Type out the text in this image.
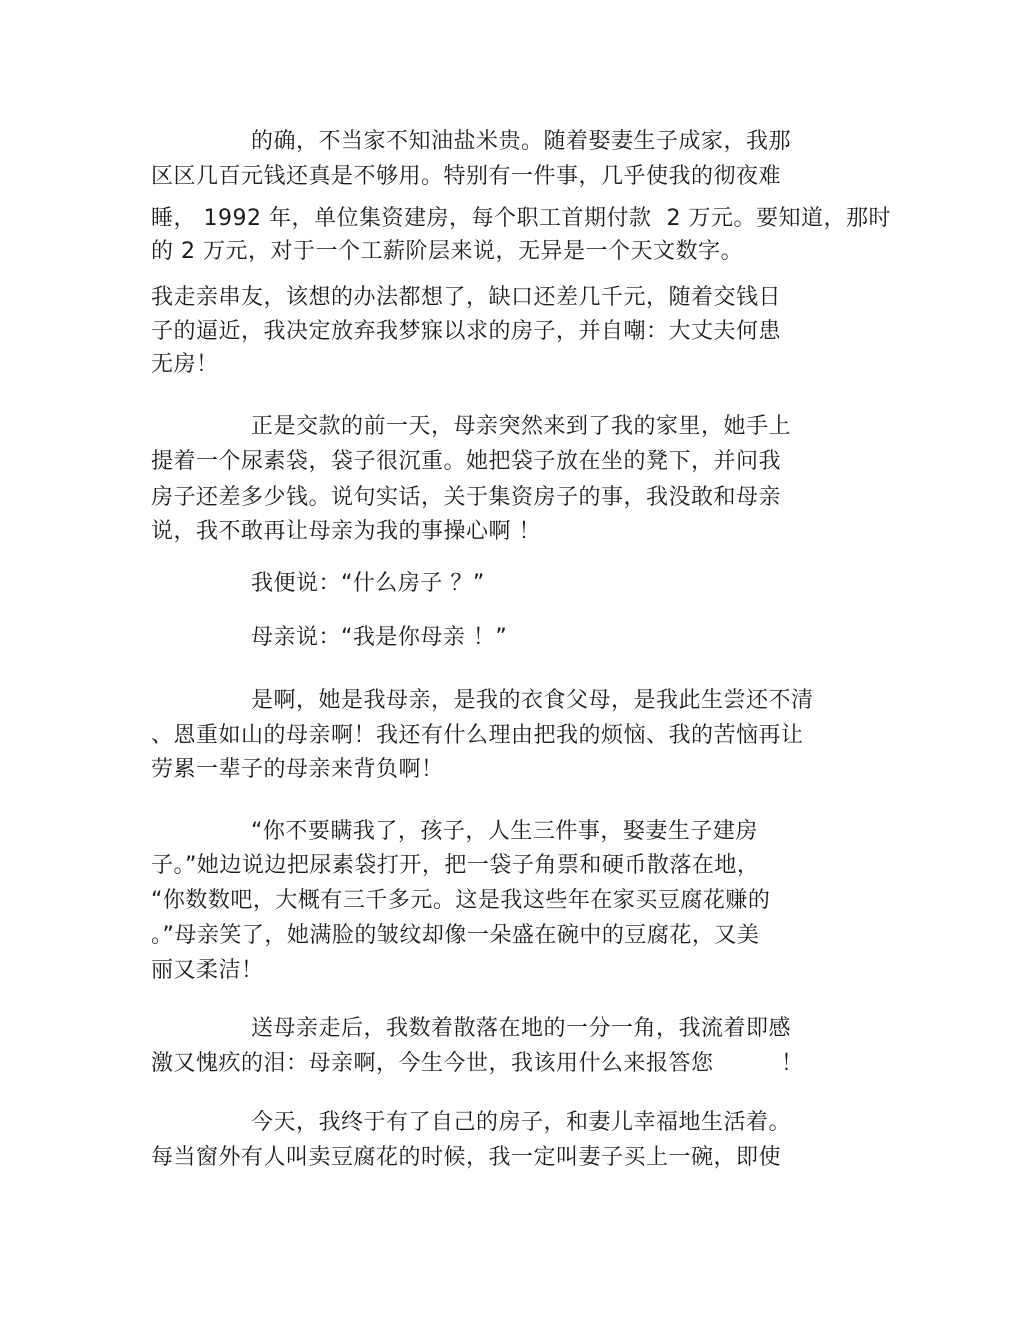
的确，不当家不知油盐米贵。随着娶妻生子成家，我那
区区几百元钱还真是不够用。特别有一件事，几乎使我的彻夜难
睡， 1992 年，单位集资建房，每个职工首期付款  2 万元。要知道，那时
的 2 万元，对于一个工薪阶层来说，无异是一个天文数字。
我走亲串友，该想的办法都想了，缺口还差几千元，随着交钱日
子的逼近，我决定放弃我梦寐以求的房子，并自嘲：大丈夫何患
无房！
正是交款的前一天，母亲突然来到了我的家里，她手上
提着一个尿素袋，袋子很沉重。她把袋子放在坐的凳下，并问我
房子还差多少钱。说句实话，关于集资房子的事，我没敢和母亲
说，我不敢再让母亲为我的事操心啊 ！
我便说：“什么房子 ？”
母亲说：“我是你母亲 ！”
是啊，她是我母亲，是我的衣食父母，是我此生尝还不清
、恩重如山的母亲啊！我还有什么理由把我的烦恼、我的苦恼再让
劳累一辈子的母亲来背负啊！
“你不要瞒我了，孩子，人生三件事，娶妻生子建房
子。”她边说边把尿素袋打开，把一袋子角票和硬币散落在地，
“你数数吧，大概有三千多元。这是我这些年在家买豆腐花赚的
。”母亲笑了，她满脸的皱纹却像一朵盛在碗中的豆腐花，又美
丽又柔洁！
送母亲走后，我数着散落在地的一分一角，我流着即感
激又愧疚的泪：母亲啊，今生今世，我该用什么来报答您         ！
今天，我终于有了自己的房子，和妻儿幸福地生活着。
每当窗外有人叫卖豆腐花的时候，我一定叫妻子买上一碗，即使
